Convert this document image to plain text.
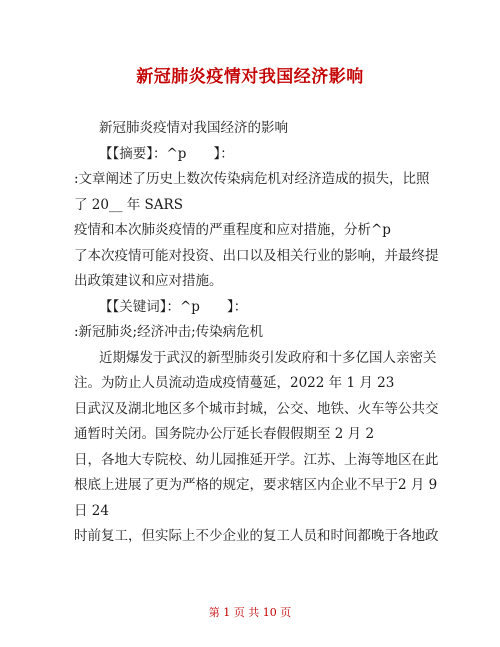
新冠肺炎疫情对我国经济影响
新冠肺炎疫情对我国经济的影响
【【摘要】：^p　　】：
:文章阐述了历史上数次传染病危机对经济造成的损失，比照
了 20__ 年 SARS
疫情和本次肺炎疫情的严重程度和应对措施，分析^p
了本次疫情可能对投资、出口以及相关行业的影响，并最终提
出政策建议和应对措施。
【【关键词】：^p　　】：
:新冠肺炎;经济冲击;传染病危机
近期爆发于武汉的新型肺炎引发政府和十多亿国人亲密关
注。为防止人员流动造成疫情蔓延，2022 年 1 月 23
日武汉及湖北地区多个城市封城，公交、地铁、火车等公共交
通暂时关闭。国务院办公厅延长春假假期至 2 月 2
日，各地大专院校、幼儿园推延开学。江苏、上海等地区在此
根底上进展了更为严格的规定，要求辖区内企业不早于2 月 9
日 24
时前复工，但实际上不少企业的复工人员和时间都晚于各地政
第 1 页 共 10 页
